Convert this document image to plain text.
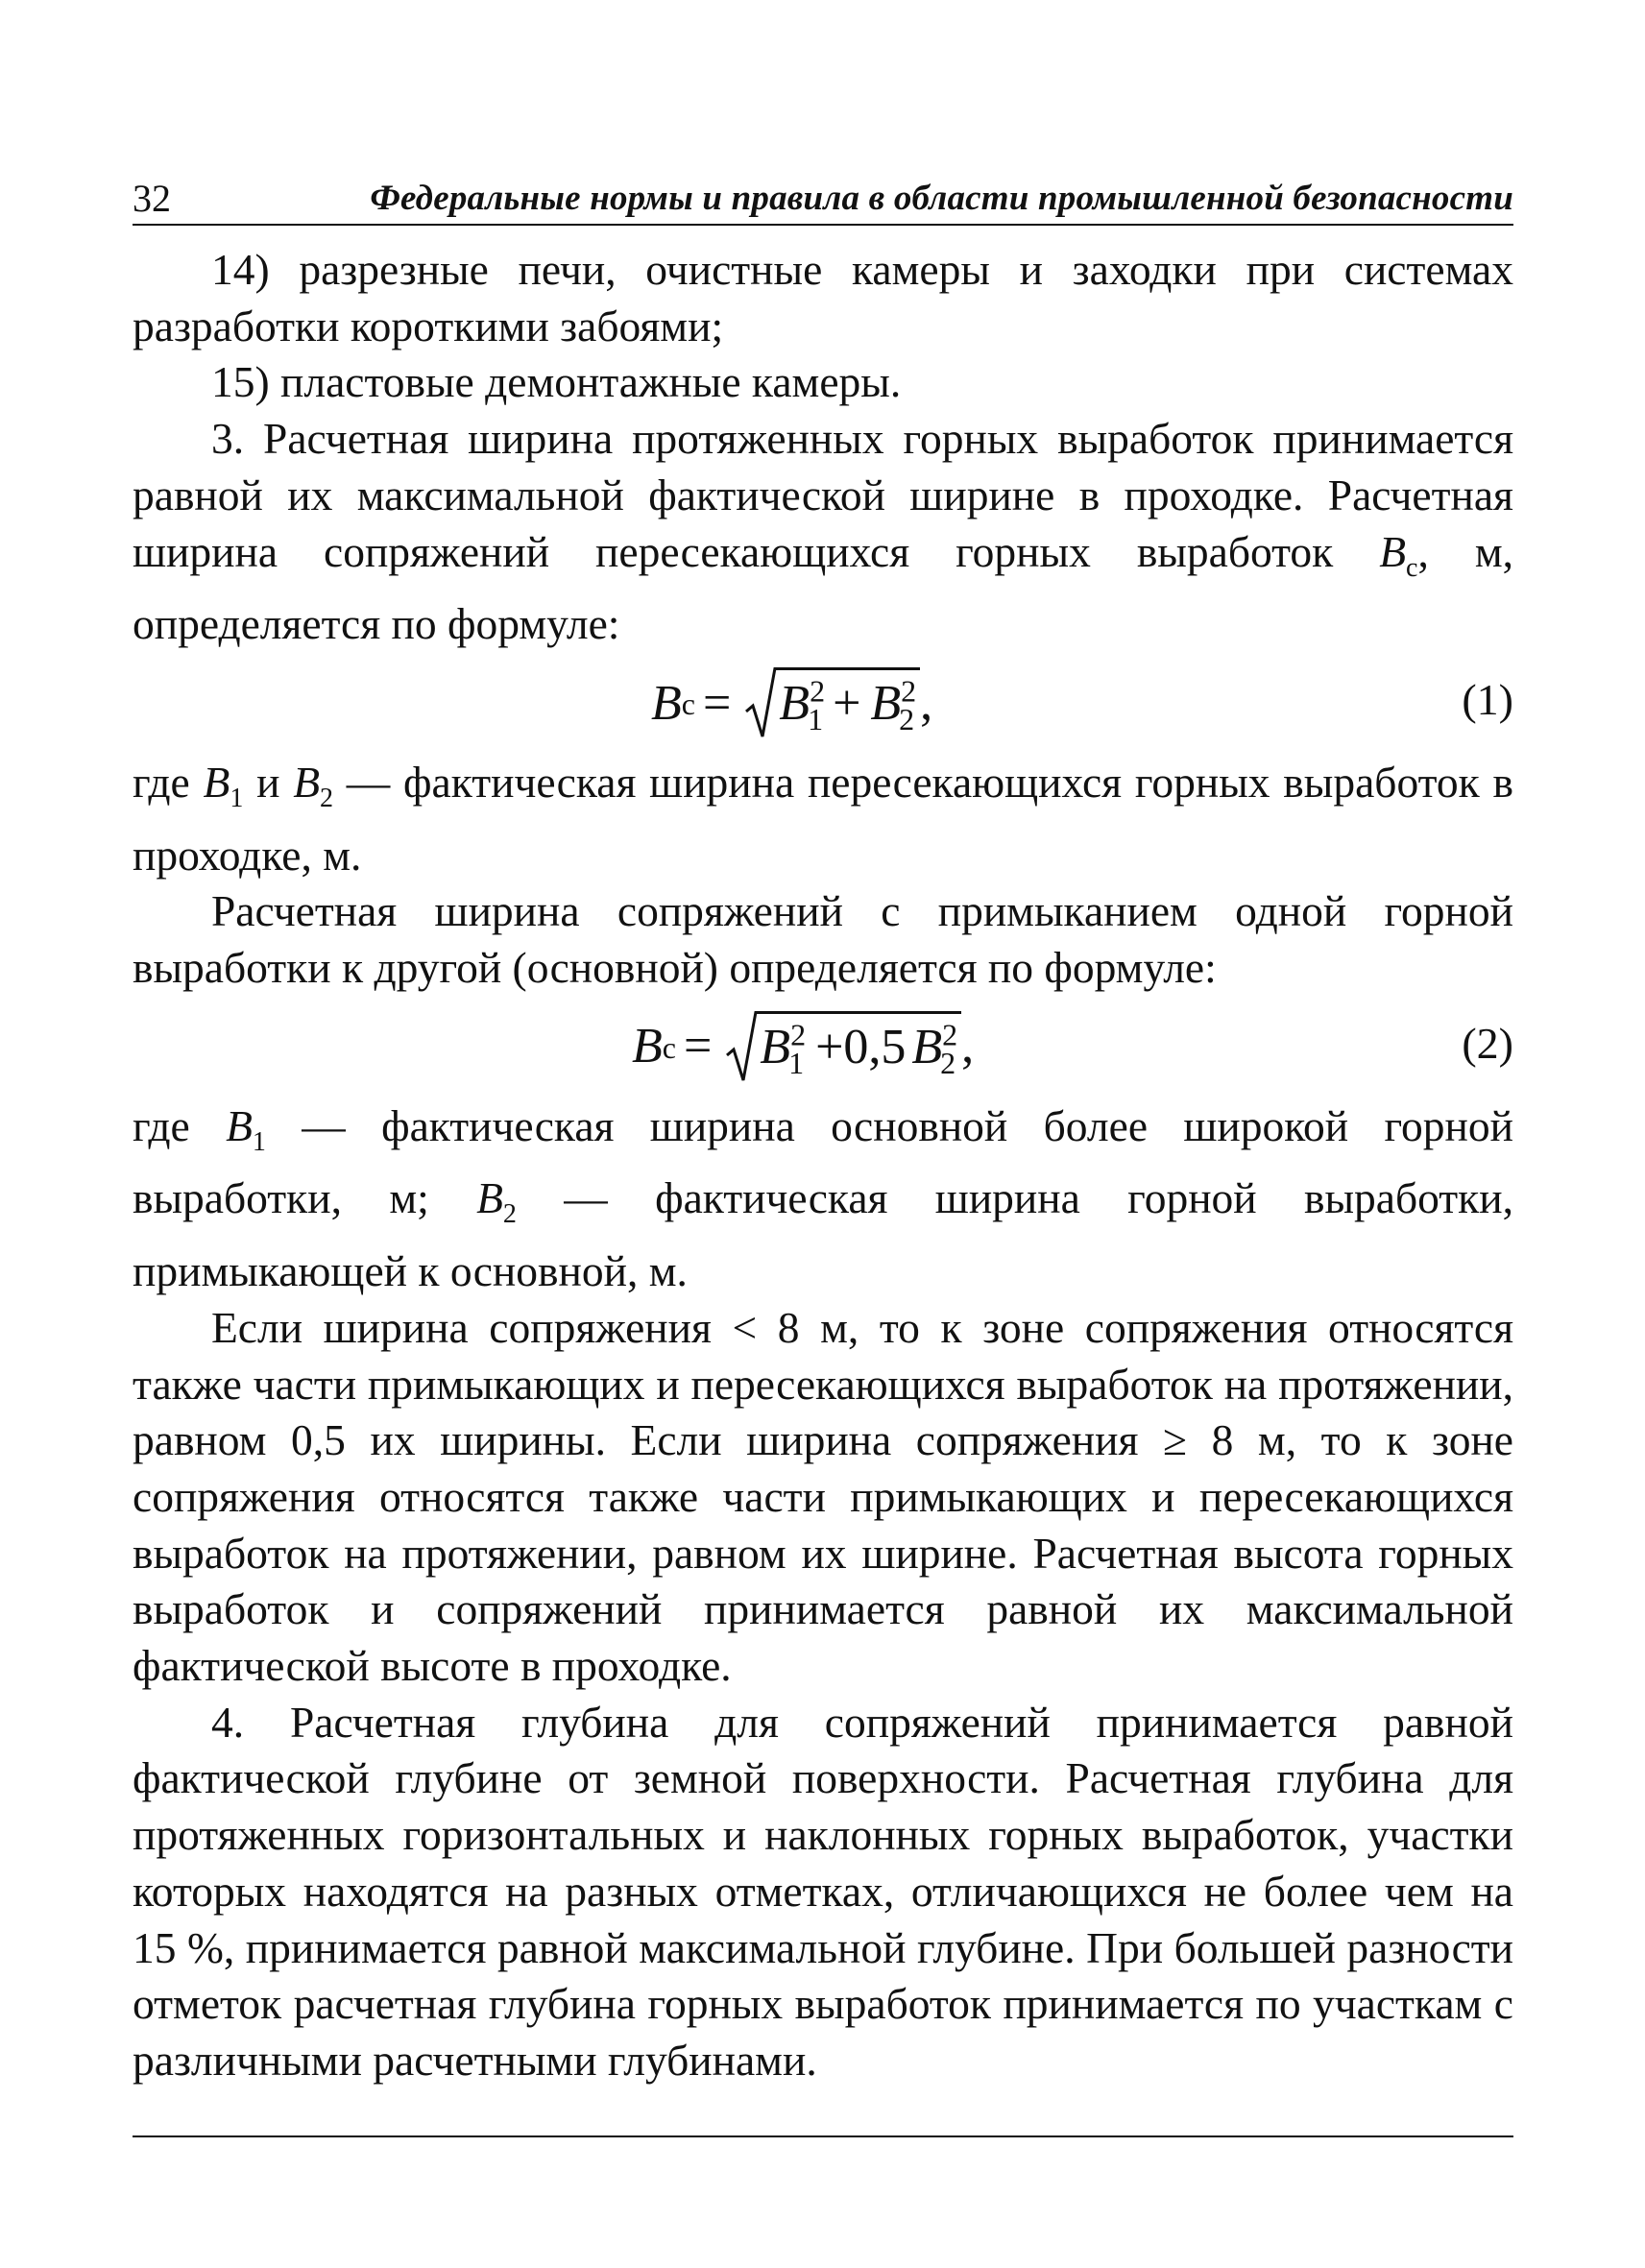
32	Федеральные нормы и правила в области промышленной безопасности

14) разрезные печи, очистные камеры и заходки при системах разработки короткими забоями;

15) пластовые демонтажные камеры.

3. Расчетная ширина протяженных горных выработок принимается равной их максимальной фактической ширине в проходке. Расчетная ширина сопряжений пересекающихся горных выработок $B_с$, м, определяется по формуле:

B $с = B^2_1 + B^2_2$ ,	(1)

где $B_1$ и $B_2$ — фактическая ширина пересекающихся горных выработок в проходке, м.

Расчетная ширина сопряжений с примыканием одной горной выработки к другой (основной) определяется по формуле:

B $с = B^2_1 +0,5$ $B^2_2$ ,	(2)

где $B_1$ — фактическая ширина основной более широкой горной выработки, м; $B_2$ — фактическая ширина горной выработки, примыкающей к основной, м.

Если ширина сопряжения < 8 м, то к зоне сопряжения относятся также части примыкающих и пересекающихся выработок на протяжении, равном 0,5 их ширины. Если ширина сопряжения ≥ 8 м, то к зоне сопряжения относятся также части примыкающих и пересекающихся выработок на протяжении, равном их ширине. Расчетная высота горных выработок и сопряжений принимается равной их максимальной фактической высоте в проходке.

4. Расчетная глубина для сопряжений принимается равной фактической глубине от земной поверхности. Расчетная глубина для протяженных горизонтальных и наклонных горных выработок, участки которых находятся на разных отметках, отличающихся не более чем на 15 %, принимается равной максимальной глубине. При большей разности отметок расчетная глубина горных выработок принимается по участкам с различными расчетными глубинами.
